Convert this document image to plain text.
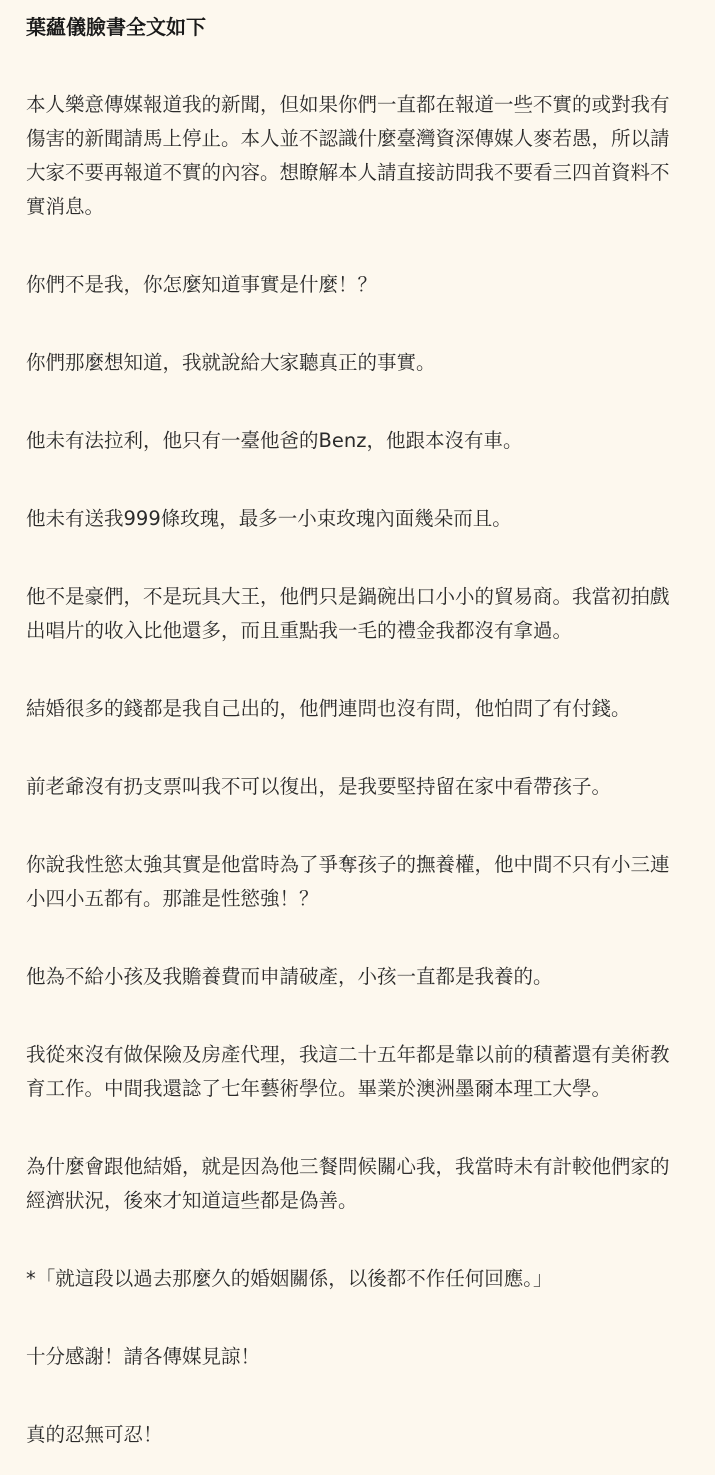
葉蘊儀臉書全文如下

本人樂意傳媒報道我的新聞，但如果你們一直都在報道一些不實的或對我有傷害的新聞請馬上停止。本人並不認識什麼臺灣資深傳媒人麥若愚，所以請大家不要再報道不實的內容。想瞭解本人請直接訪問我不要看三四首資料不實消息。

你們不是我，你怎麼知道事實是什麼！？

你們那麼想知道，我就說給大家聽真正的事實。

他未有法拉利，他只有一臺他爸的Benz，他跟本沒有車。

他未有送我999條玫瑰，最多一小束玫瑰內面幾朵而且。

他不是豪們，不是玩具大王，他們只是鍋碗出口小小的貿易商。我當初拍戲出唱片的收入比他還多，而且重點我一毛的禮金我都沒有拿過。

結婚很多的錢都是我自己出的，他們連問也沒有問，他怕問了有付錢。

前老爺沒有扔支票叫我不可以復出，是我要堅持留在家中看帶孩子。

你說我性慾太強其實是他當時為了爭奪孩子的撫養權，他中間不只有小三連小四小五都有。那誰是性慾強！？

他為不給小孩及我贍養費而申請破產，小孩一直都是我養的。

我從來沒有做保險及房產代理，我這二十五年都是靠以前的積蓄還有美術教育工作。中間我還諗了七年藝術學位。畢業於澳洲墨爾本理工大學。

為什麼會跟他結婚，就是因為他三餐問候關心我，我當時未有計較他們家的經濟狀況，後來才知道這些都是偽善。

*「就這段以過去那麼久的婚姻關係，以後都不作任何回應。」

十分感謝！請各傳媒見諒！

真的忍無可忍！
